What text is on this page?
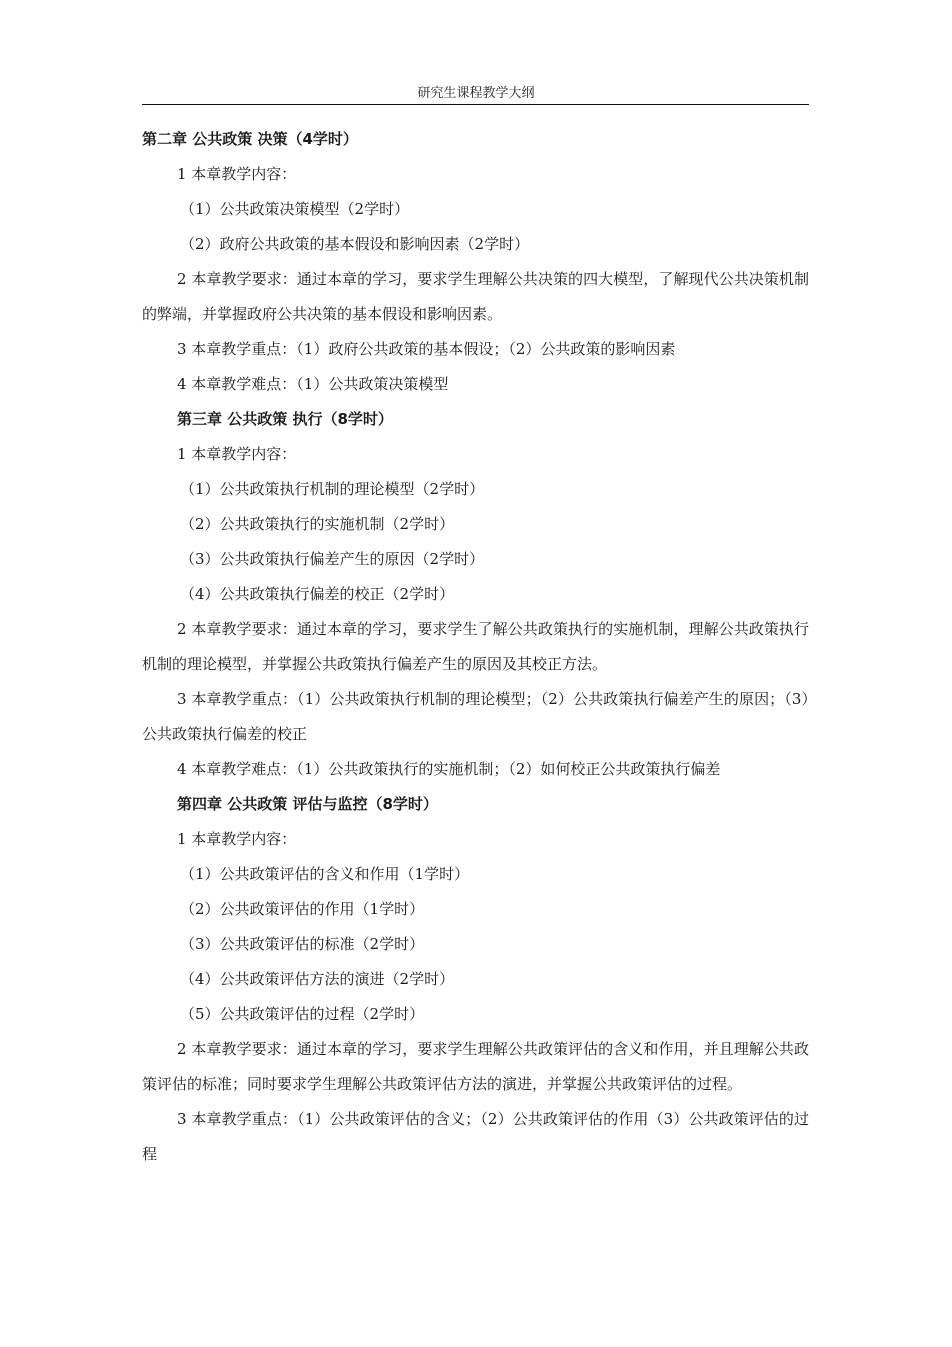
研究生课程教学大纲
第二章 公共政策 决策（4学时）
1 本章教学内容：
（1）公共政策决策模型（2学时）
（2）政府公共政策的基本假设和影响因素（2学时）
2 本章教学要求：通过本章的学习，要求学生理解公共决策的四大模型，了解现代公共决策机制的弊端，并掌握政府公共决策的基本假设和影响因素。
3 本章教学重点：（1）政府公共政策的基本假设；（2）公共政策的影响因素
4 本章教学难点：（1）公共政策决策模型
第三章 公共政策 执行（8学时）
1 本章教学内容：
（1）公共政策执行机制的理论模型（2学时）
（2）公共政策执行的实施机制（2学时）
（3）公共政策执行偏差产生的原因（2学时）
（4）公共政策执行偏差的校正（2学时）
2 本章教学要求：通过本章的学习，要求学生了解公共政策执行的实施机制，理解公共政策执行机制的理论模型，并掌握公共政策执行偏差产生的原因及其校正方法。
3 本章教学重点：（1）公共政策执行机制的理论模型；（2）公共政策执行偏差产生的原因；（3）公共政策执行偏差的校正
4 本章教学难点：（1）公共政策执行的实施机制；（2）如何校正公共政策执行偏差
第四章 公共政策 评估与监控（8学时）
1 本章教学内容：
（1）公共政策评估的含义和作用（1学时）
（2）公共政策评估的作用（1学时）
（3）公共政策评估的标准（2学时）
（4）公共政策评估方法的演进（2学时）
（5）公共政策评估的过程（2学时）
2 本章教学要求：通过本章的学习，要求学生理解公共政策评估的含义和作用，并且理解公共政策评估的标准；同时要求学生理解公共政策评估方法的演进，并掌握公共政策评估的过程。
3 本章教学重点：（1）公共政策评估的含义；（2）公共政策评估的作用（3）公共政策评估的过程
